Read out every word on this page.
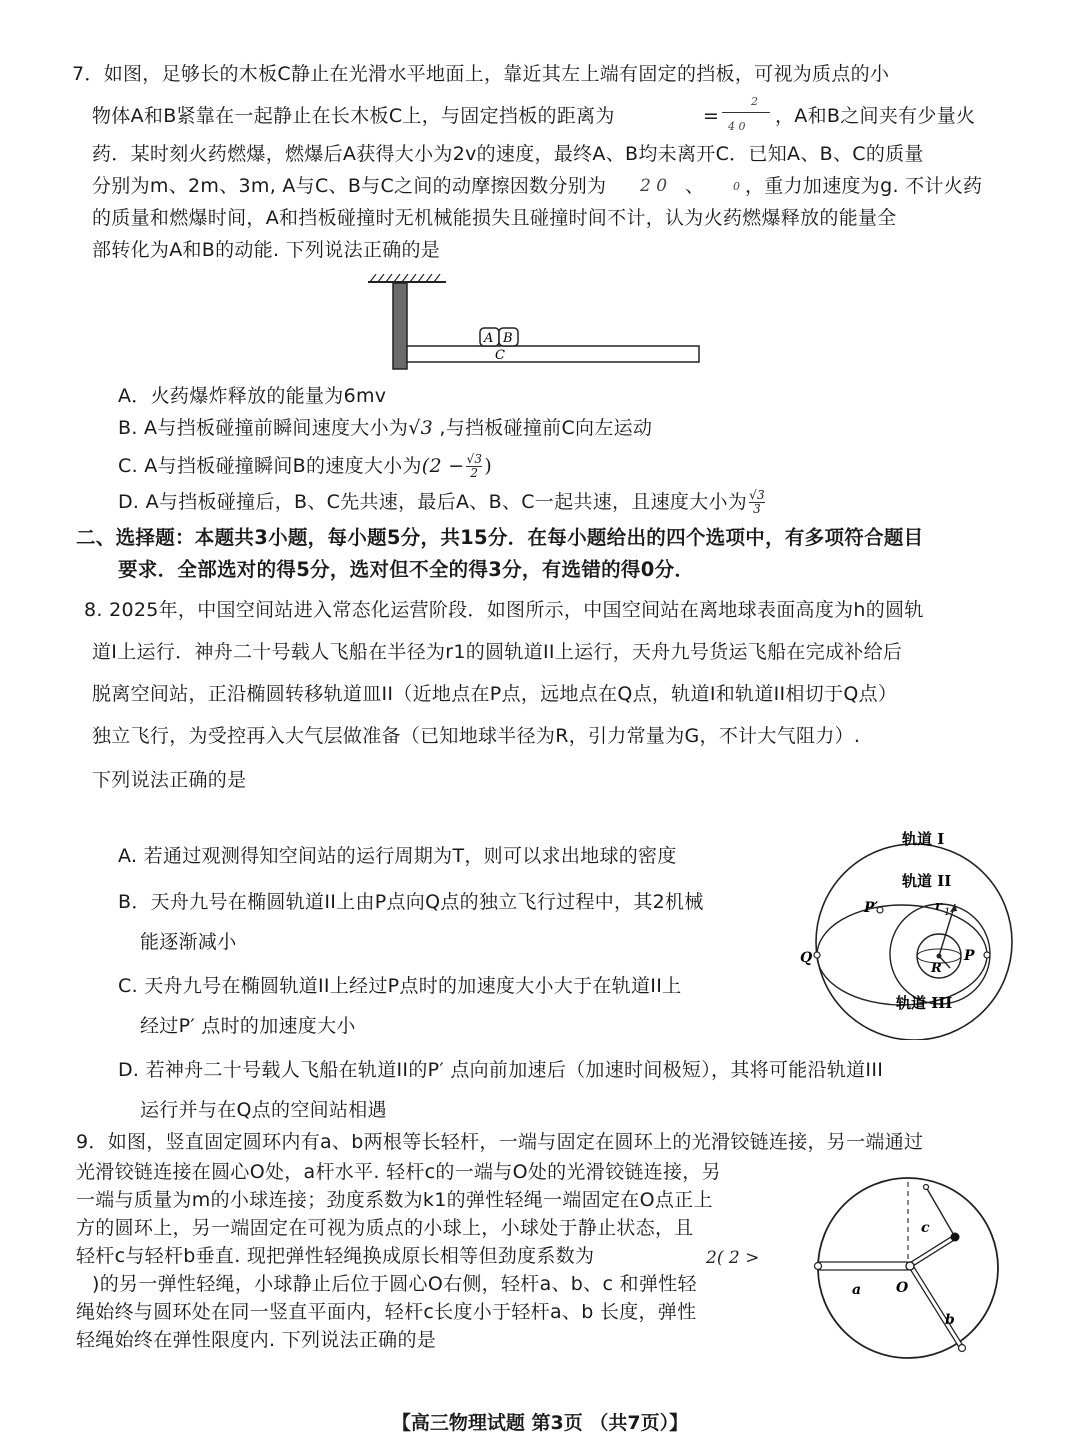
7．如图，足够长的木板C静止在光滑水平地面上，靠近其左上端有固定的挡板，可视为质点的小
物体A和B紧靠在一起静止在长木板C上，与固定挡板的距离为	=
2
4 0 ，A和B之间夹有少量火
药．某时刻火药燃爆，燃爆后A获得大小为2v的速度，最终A、B均未离开C．已知A、B、C的质量
分别为m、2m、3m, A与C、B与C之间的动摩擦因数分别为 2 0 、	0 ，重力加速度为g. 不计火药
的质量和燃爆时间，A和挡板碰撞时无机械能损失且碰撞时间不计，认为火药燃爆释放的能量全
部转化为A和B的动能. 下列说法正确的是
A B
C
A．火药爆炸释放的能量为6mv
B. A与挡板碰撞前瞬间速度大小为√3 ,与挡板碰撞前C向左运动
C. A与挡板碰撞瞬间B的速度大小为($2 - \frac{√3}{2}$ )
D. A与挡板碰撞后，B、C先共速，最后A、B、C一起共速，且速度大小为 $\frac{√3}{3}$
二、选择题：本题共3小题，每小题5分，共15分．在每小题给出的四个选项中，有多项符合题目
要求．全部选对的得5分，选对但不全的得3分，有选错的得0分．
8. 2025年，中国空间站进入常态化运营阶段．如图所示，中国空间站在离地球表面高度为h的圆轨
道I上运行．神舟二十号载人飞船在半径为r1的圆轨道II上运行，天舟九号货运飞船在完成补给后
脱离空间站，正沿椭圆转移轨道皿II（近地点在P点，远地点在Q点，轨道I和轨道II相切于Q点）
独立飞行，为受控再入大气层做准备（已知地球半径为R，引力常量为G，不计大气阻力）.
下列说法正确的是
A. 若通过观测得知空间站的运行周期为T，则可以求出地球的密度
B．天舟九号在椭圆轨道II上由P点向Q点的独立飞行过程中，其2机械
能逐渐减小
C. 天舟九号在椭圆轨道II上经过P点时的加速度大小大于在轨道II上
经过P′ 点时的加速度大小
D. 若神舟二十号载人飞船在轨道II的P′ 点向前加速后（加速时间极短），其将可能沿轨道III
运行并与在Q点的空间站相遇
轨道 I
轨道 II
轨道 III
P′
P
Q
r 1
R
9．如图，竖直固定圆环内有a、b两根等长轻杆，一端与固定在圆环上的光滑铰链连接，另一端通过
光滑铰链连接在圆心O处，a杆水平. 轻杆c的一端与O处的光滑铰链连接，另
一端与质量为m的小球连接；劲度系数为k1的弹性轻绳一端固定在O点正上
方的圆环上，另一端固定在可视为质点的小球上，小球处于静止状态，且
轻杆c与轻杆b垂直. 现把弹性轻绳换成原长相等但劲度系数为	2( 2 >
)的另一弹性轻绳，小球静止后位于圆心O右侧，轻杆a、b、c 和弹性轻
绳始终与圆环处在同一竖直平面内，轻杆c长度小于轻杆a、b 长度，弹性
轻绳始终在弹性限度内. 下列说法正确的是
a
b
c
O
【高三物理试题 第3页 （共7页）】
